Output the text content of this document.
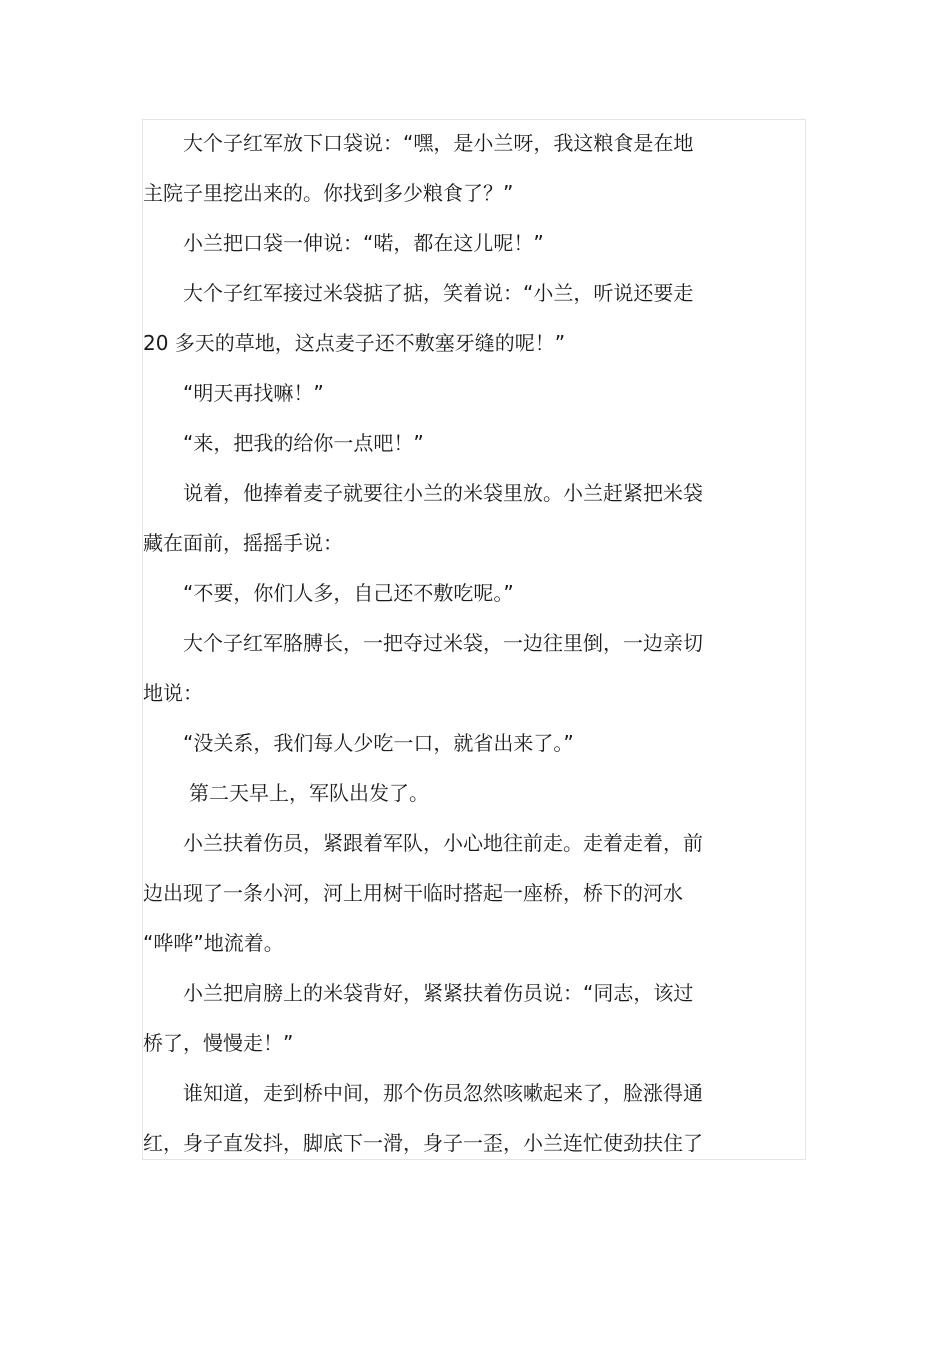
大个子红军放下口袋说：“嘿，是小兰呀，我这粮食是在地
主院子里挖出来的。你找到多少粮食了？”
小兰把口袋一伸说：“喏，都在这儿呢！”
大个子红军接过米袋掂了掂，笑着说：“小兰，听说还要走
20 多天的草地，这点麦子还不敷塞牙缝的呢！”
“明天再找嘛！”
“来，把我的给你一点吧！”
说着，他捧着麦子就要往小兰的米袋里放。小兰赶紧把米袋
藏在面前，摇摇手说：
“不要，你们人多，自己还不敷吃呢。”
大个子红军胳膊长，一把夺过米袋，一边往里倒，一边亲切
地说：
“没关系，我们每人少吃一口，就省出来了。”
第二天早上，军队出发了。
小兰扶着伤员，紧跟着军队，小心地往前走。走着走着，前
边出现了一条小河，河上用树干临时搭起一座桥，桥下的河水
“哗哗”地流着。
小兰把肩膀上的米袋背好，紧紧扶着伤员说：“同志，该过
桥了，慢慢走！”
谁知道，走到桥中间，那个伤员忽然咳嗽起来了，脸涨得通
红，身子直发抖，脚底下一滑，身子一歪，小兰连忙使劲扶住了
